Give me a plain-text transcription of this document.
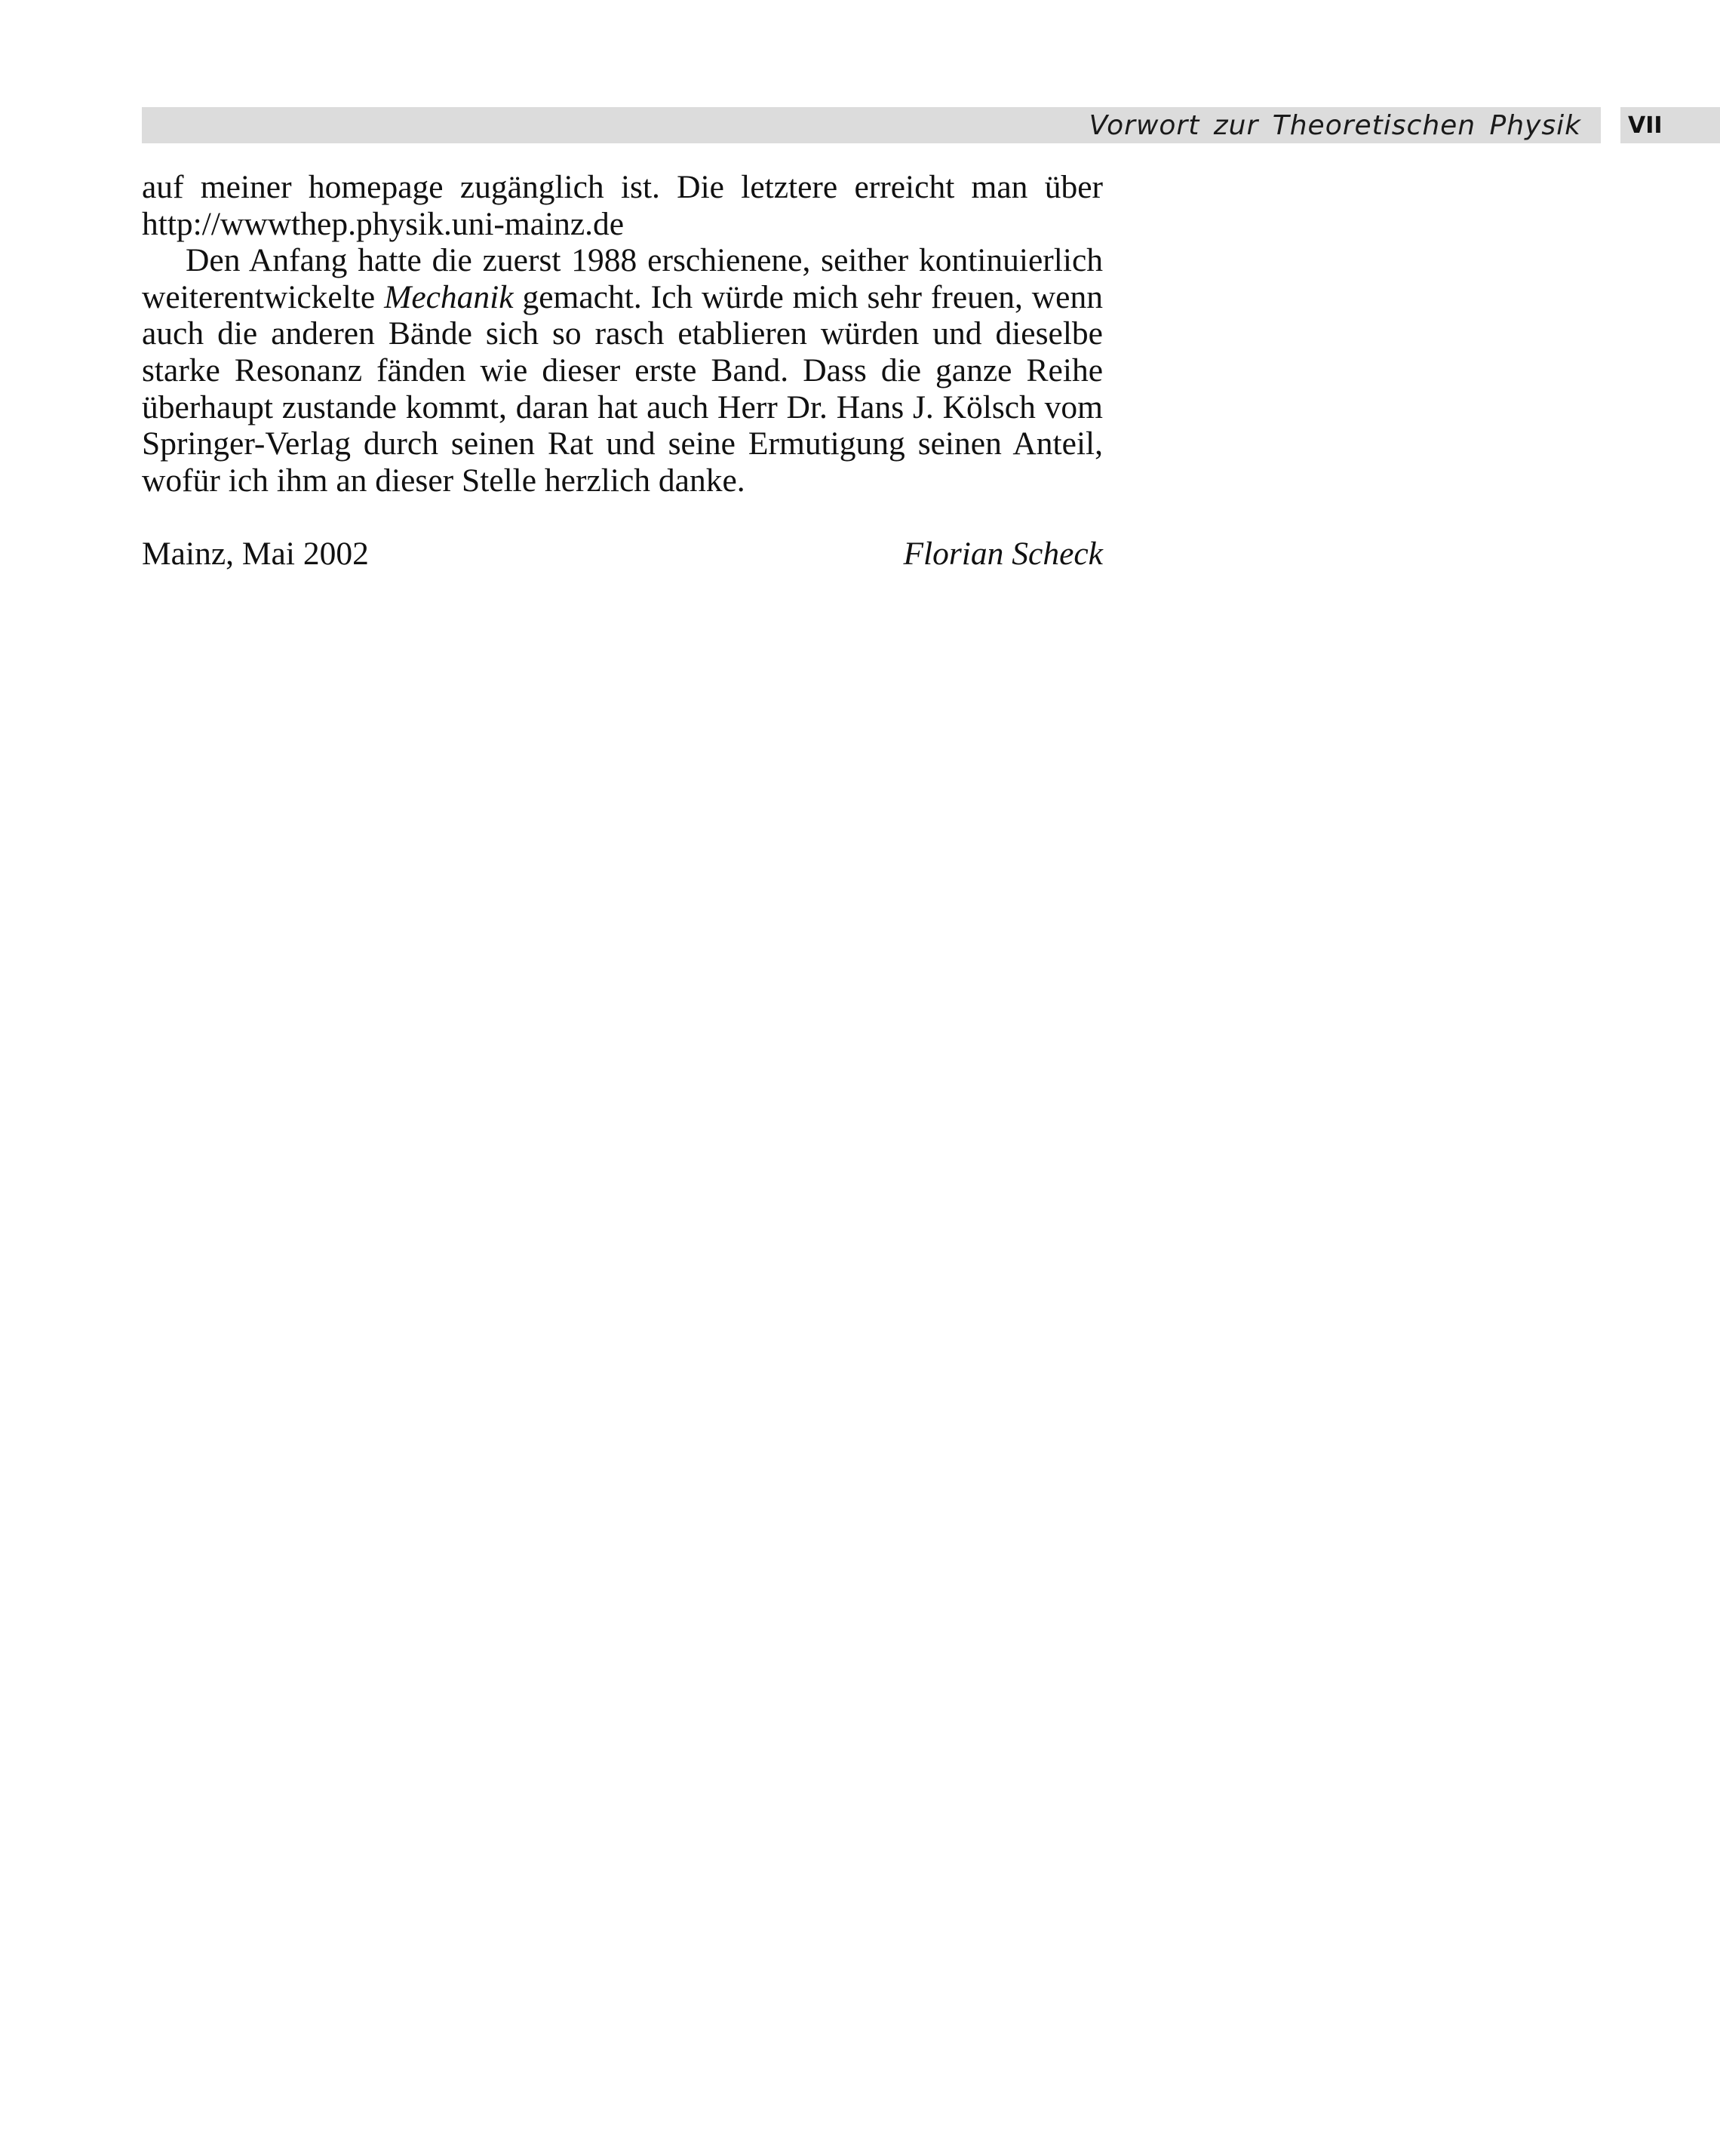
Vorwort zur Theoretischen Physik VII

auf meiner homepage zugänglich ist. Die letztere erreicht man über
http://wwwthep.physik.uni-mainz.de

Den Anfang hatte die zuerst 1988 erschienene, seither kontinuierlich
weiterentwickelte Mechanik gemacht. Ich würde mich sehr freuen, wenn
auch die anderen Bände sich so rasch etablieren würden und dieselbe
starke Resonanz fänden wie dieser erste Band. Dass die ganze Reihe
überhaupt zustande kommt, daran hat auch Herr Dr. Hans J. Kölsch vom
Springer-Verlag durch seinen Rat und seine Ermutigung seinen Anteil,
wofür ich ihm an dieser Stelle herzlich danke.

Mainz, Mai 2002	Florian Scheck
